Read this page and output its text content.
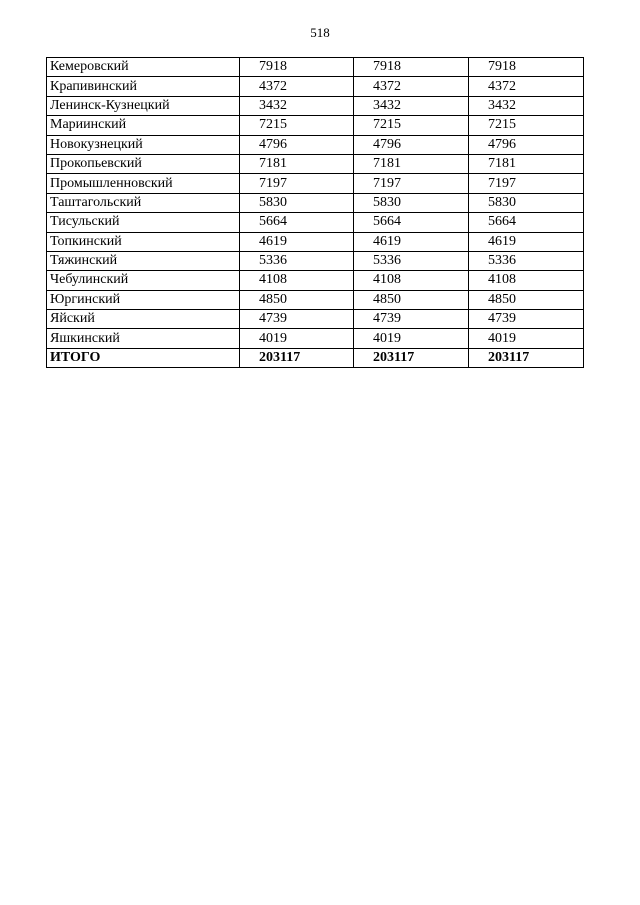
518
Кемеровский	7918	7918	7918
Крапивинский	4372	4372	4372
Ленинск-Кузнецкий	3432	3432	3432
Мариинский	7215	7215	7215
Новокузнецкий	4796	4796	4796
Прокопьевский	7181	7181	7181
Промышленновский	7197	7197	7197
Таштагольский	5830	5830	5830
Тисульский	5664	5664	5664
Топкинский	4619	4619	4619
Тяжинский	5336	5336	5336
Чебулинский	4108	4108	4108
Юргинский	4850	4850	4850
Яйский	4739	4739	4739
Яшкинский	4019	4019	4019
ИТОГО	203117	203117	203117
